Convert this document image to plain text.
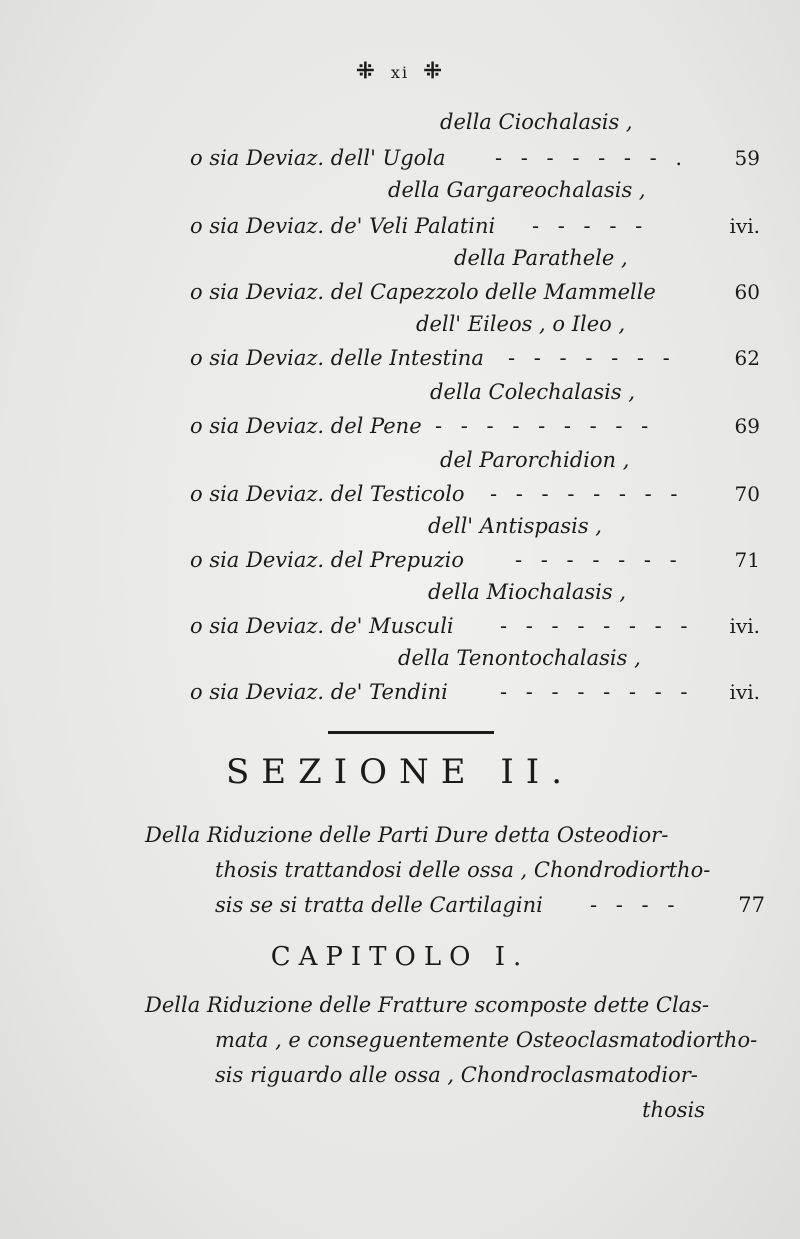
⁜ xi ⁜
della Ciochalasis ,
o sia Deviaz. dell' Ugola - - - - - - - . 59
della Gargareochalasis ,
o sia Deviaz. de' Veli Palatini - - - - -	ivi.
della Parathele ,
o sia Deviaz. del Capezzolo delle Mammelle	60
dell' Eileos , o Ileo ,
o sia Deviaz. delle Intestina - - - - - - -	62
della Colechalasis ,
o sia Deviaz. del Pene - - - - - - - - -	69
del Parorchidion ,
o sia Deviaz. del Testicolo - - - - - - - -	70
dell' Antispasis ,
o sia Deviaz. del Prepuzio - - - - - - -	71
della Miochalasis ,
o sia Deviaz. de' Musculi - - - - - - - - ivi.
della Tenontochalasis ,
o sia Deviaz. de' Tendini - - - - - - - - ivi.
SEZIONE II.
Della Riduzione delle Parti Dure detta Osteodior-
thosis trattandosi delle ossa , Chondrodiortho-
sis se si tratta delle Cartilagini - - - -	77
CAPITOLO I.
Della Riduzione delle Fratture scomposte dette Clas-
mata , e conseguentemente Osteoclasmatodiortho-
sis riguardo alle ossa , Chondroclasmatodior-
thosis
